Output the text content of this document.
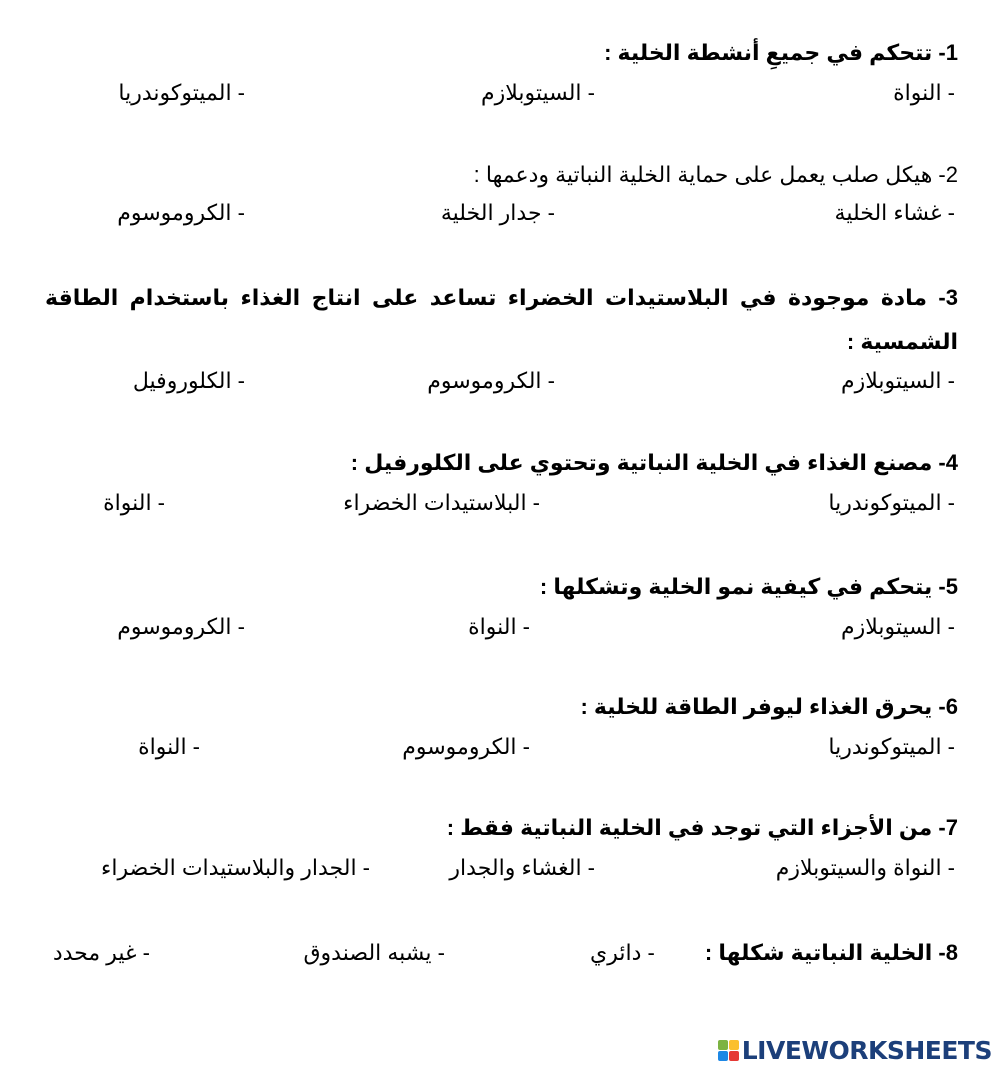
1- تتحكم في جميعِ أنشطة الخلية :
- النواة
- السيتوبلازم
- الميتوكوندريا
2- هيكل صلب يعمل على حماية الخلية النباتية ودعمها :
- غشاء الخلية
- جدار الخلية
- الكروموسوم
3- مادة موجودة في البلاستيدات الخضراء تساعد على انتاج الغذاء باستخدام الطاقة الشمسية :
- السيتوبلازم
- الكروموسوم
- الكلوروفيل
4- مصنع الغذاء في الخلية النباتية وتحتوي على الكلورفيل :
- الميتوكوندريا
- البلاستيدات الخضراء
- النواة
5- يتحكم في كيفية نمو الخلية وتشكلها :
- السيتوبلازم
- النواة
- الكروموسوم
6- يحرق الغذاء ليوفر الطاقة للخلية :
- الميتوكوندريا
- الكروموسوم
- النواة
7- من الأجزاء التي توجد في الخلية النباتية فقط :
- النواة والسيتوبلازم
- الغشاء والجدار
- الجدار والبلاستيدات الخضراء
8- الخلية النباتية شكلها :
- دائري
- يشبه الصندوق
- غير محدد
LIVEWORKSHEETS
